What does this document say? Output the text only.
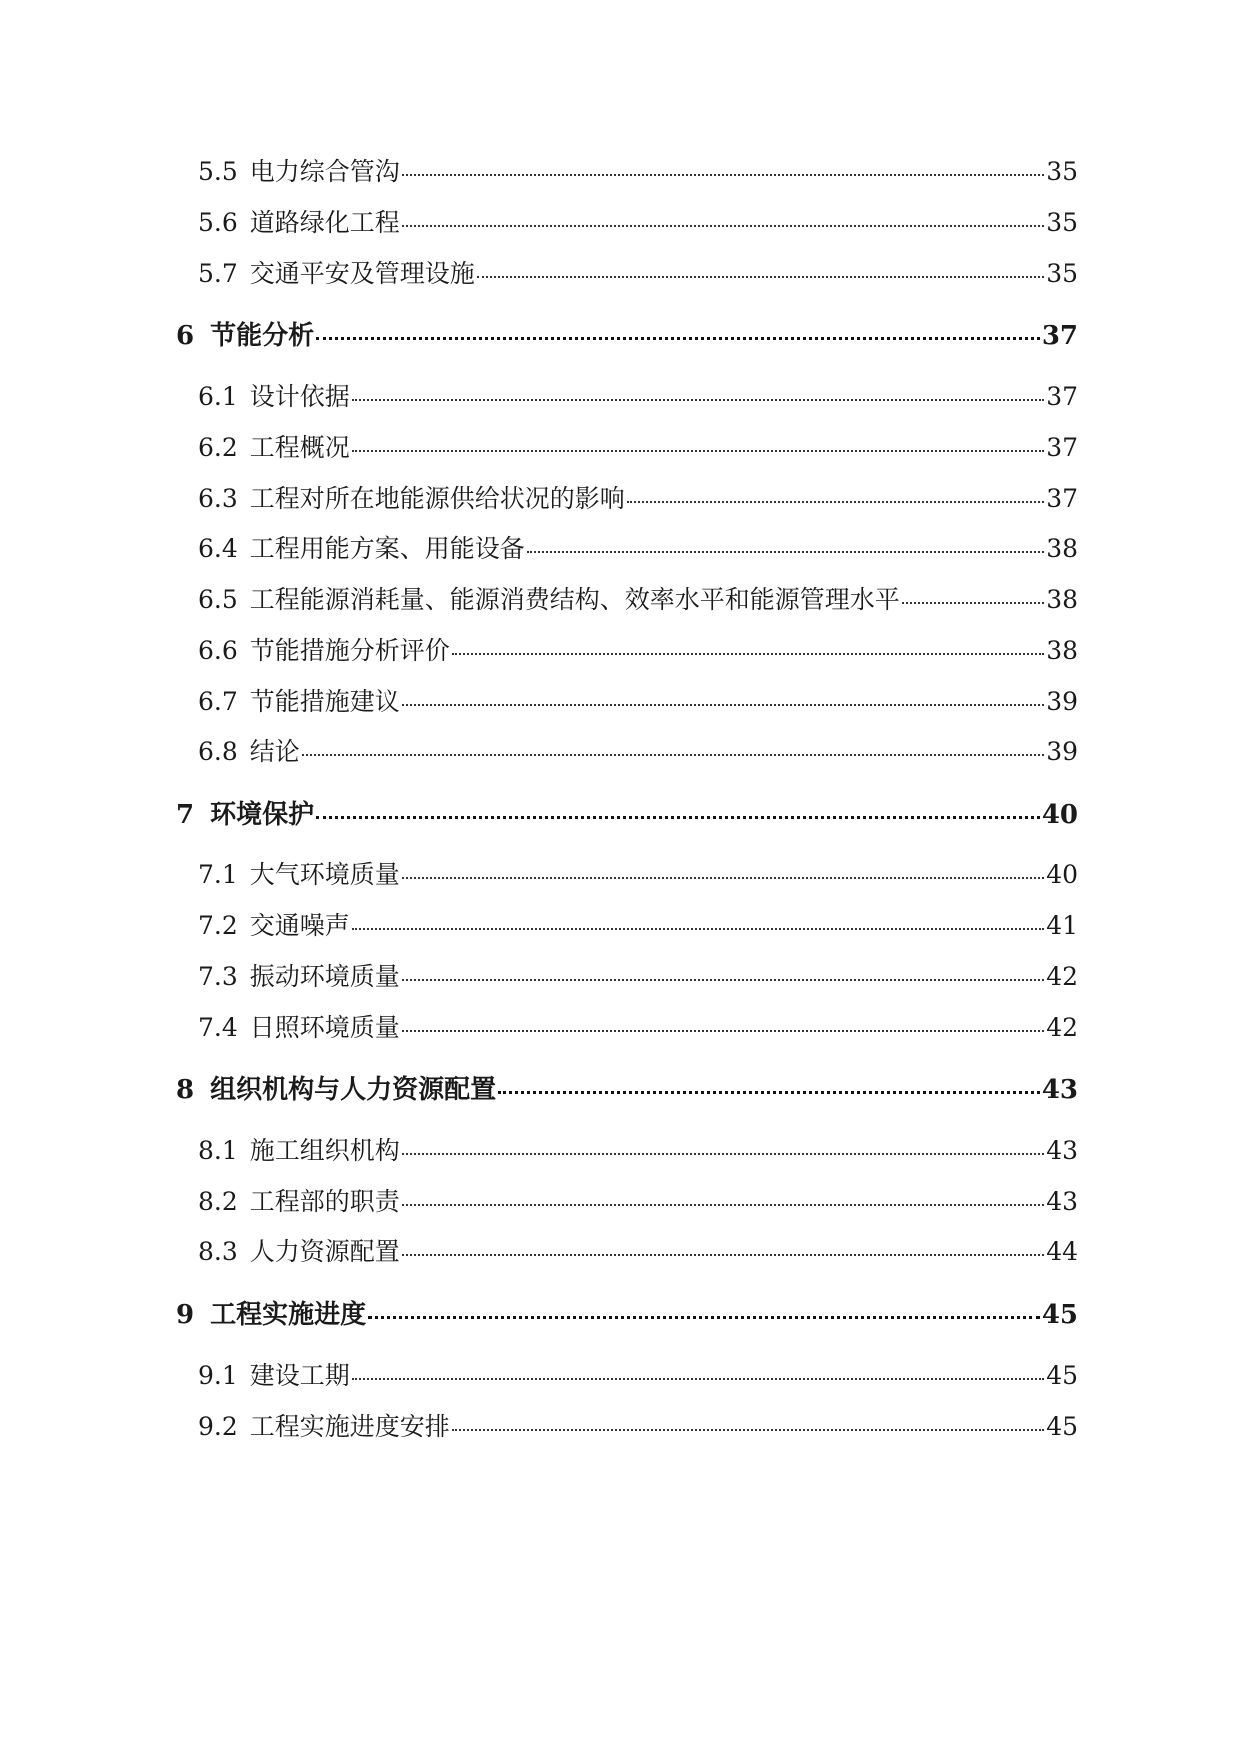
5.5 电力综合管沟	35
5.6 道路绿化工程	35
5.7 交通平安及管理设施	35
6 节能分析	37
6.1 设计依据	37
6.2 工程概况	37
6.3 工程对所在地能源供给状况的影响	37
6.4 工程用能方案、用能设备	38
6.5 工程能源消耗量、能源消费结构、效率水平和能源管理水平	38
6.6 节能措施分析评价	38
6.7 节能措施建议	39
6.8 结论	39
7 环境保护	40
7.1 大气环境质量	40
7.2 交通噪声	41
7.3 振动环境质量	42
7.4 日照环境质量	42
8 组织机构与人力资源配置	43
8.1 施工组织机构	43
8.2 工程部的职责	43
8.3 人力资源配置	44
9 工程实施进度	45
9.1 建设工期	45
9.2 工程实施进度安排	45
